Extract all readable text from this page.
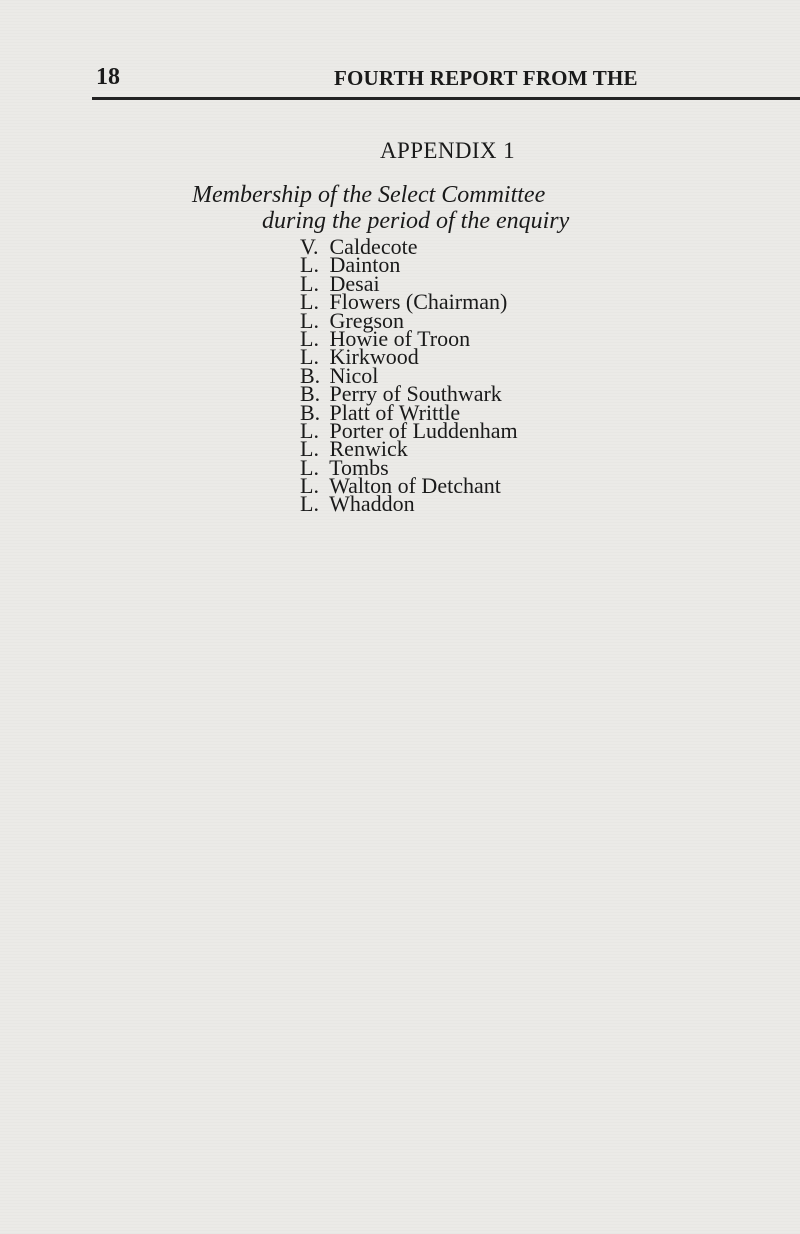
18	FOURTH REPORT FROM THE
APPENDIX 1
Membership of the Select Committee
during the period of the enquiry
V. Caldecote
L. Dainton
L. Desai
L. Flowers (Chairman)
L. Gregson
L. Howie of Troon
L. Kirkwood
B. Nicol
B. Perry of Southwark
B. Platt of Writtle
L. Porter of Luddenham
L. Renwick
L. Tombs
L. Walton of Detchant
L. Whaddon
